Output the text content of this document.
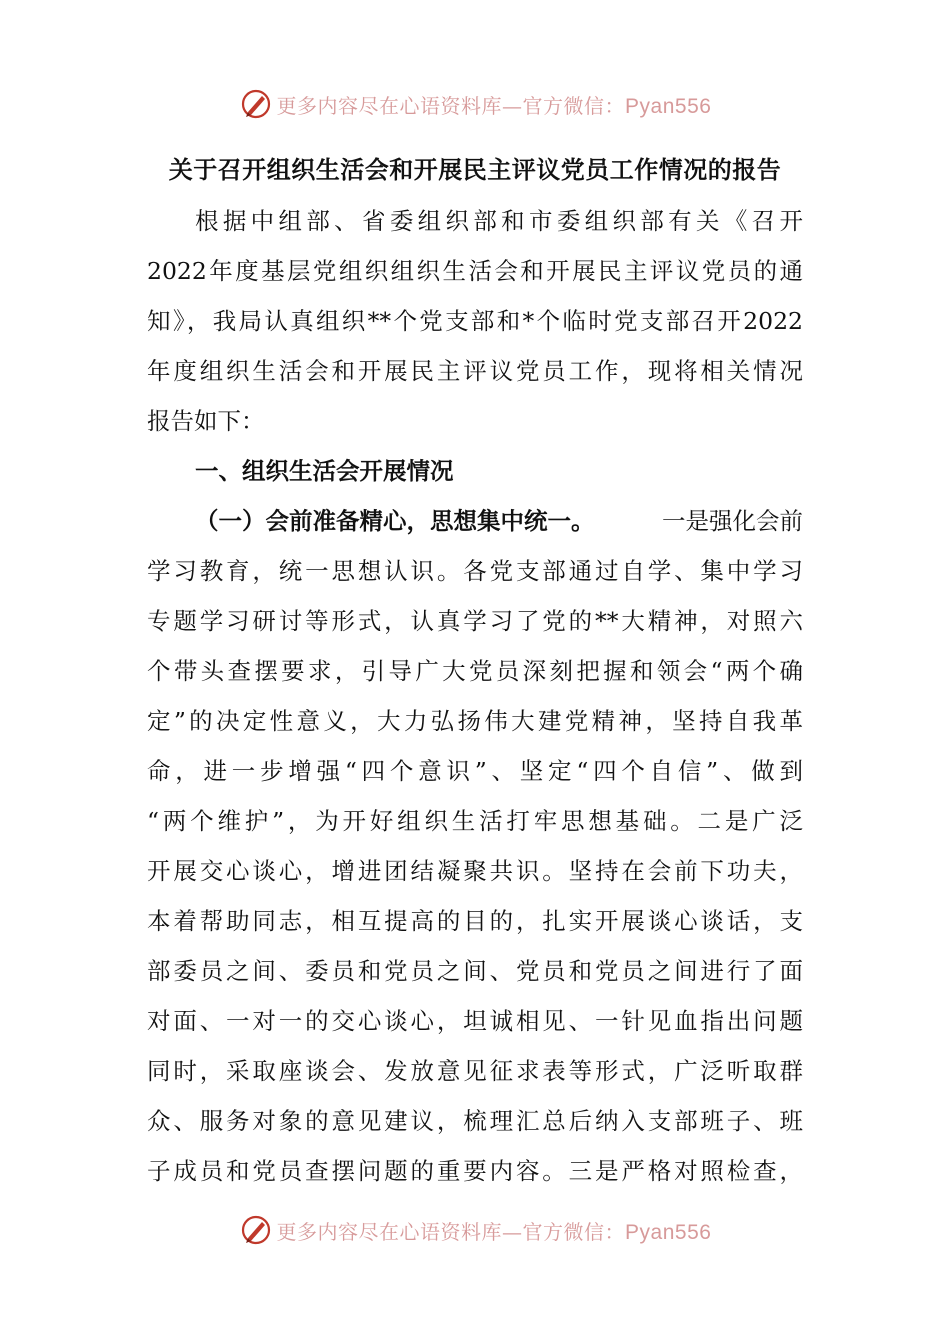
更多内容尽在心语资料库—官方微信：Pyan556
关于召开组织生活会和开展民主评议党员工作情况的报告
根据中组部、省委组织部和市委组织部有关《召开
2022年度基层党组织组织生活会和开展民主评议党员的通
知》，我局认真组织**个党支部和*个临时党支部召开2022
年度组织生活会和开展民主评议党员工作，现将相关情况
报告如下：
一、组织生活会开展情况
（一）会前准备精心，思想集中统一。	一是强化会前
学习教育，统一思想认识。各党支部通过自学、集中学习
专题学习研讨等形式，认真学习了党的**大精神，对照六
个带头查摆要求，引导广大党员深刻把握和领会“两个确
定”的决定性意义，大力弘扬伟大建党精神，坚持自我革
命，进一步增强“四个意识”、坚定“四个自信”、做到
“两个维护”，为开好组织生活打牢思想基础。二是广泛
开展交心谈心，增进团结凝聚共识。坚持在会前下功夫，
本着帮助同志，相互提高的目的，扎实开展谈心谈话，支
部委员之间、委员和党员之间、党员和党员之间进行了面
对面、一对一的交心谈心，坦诚相见、一针见血指出问题
同时，采取座谈会、发放意见征求表等形式，广泛听取群
众、服务对象的意见建议，梳理汇总后纳入支部班子、班
子成员和党员查摆问题的重要内容。三是严格对照检查，
更多内容尽在心语资料库—官方微信：Pyan556
